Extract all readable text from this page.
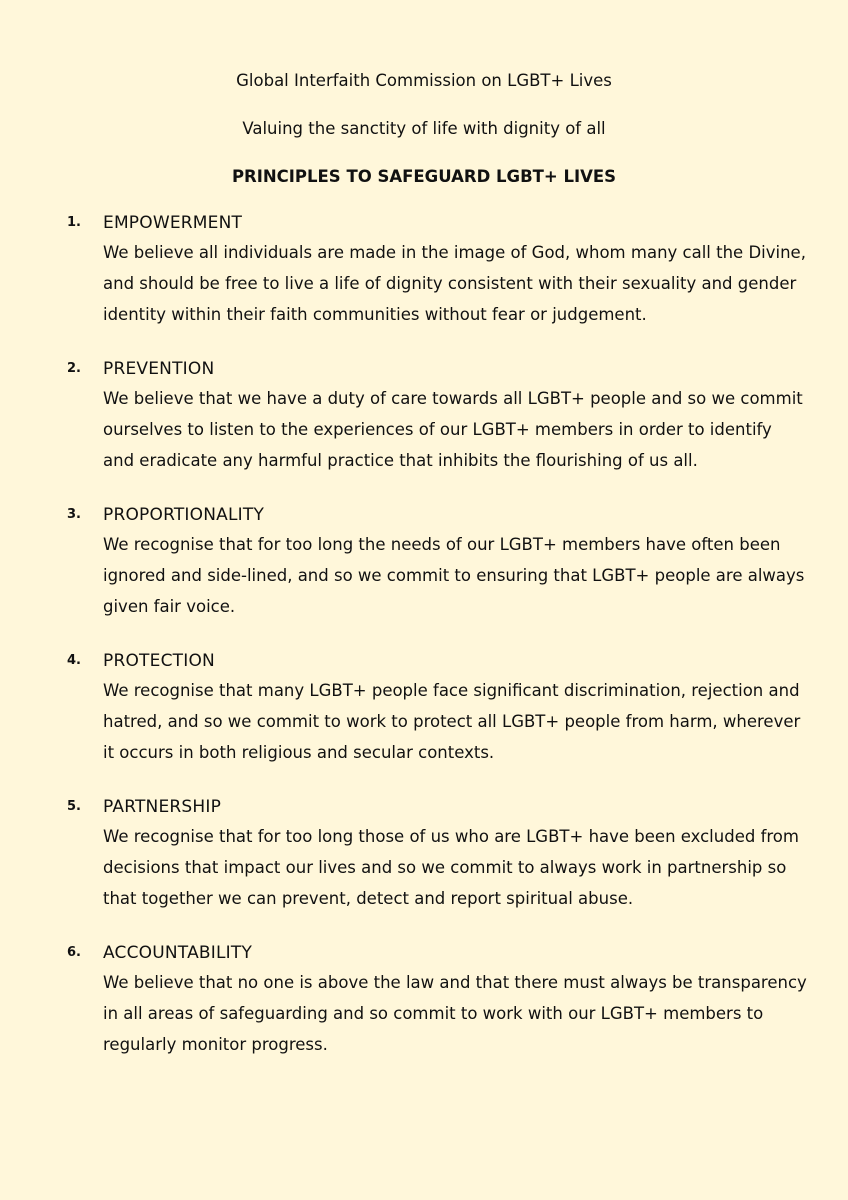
Global Interfaith Commission on LGBT+ Lives

Valuing the sanctity of life with dignity of all

PRINCIPLES TO SAFEGUARD LGBT+ LIVES

1. EMPOWERMENT
We believe all individuals are made in the image of God, whom many call the Divine, and should be free to live a life of dignity consistent with their sexuality and gender identity within their faith communities without fear or judgement.
2. PREVENTION
We believe that we have a duty of care towards all LGBT+ people and so we commit ourselves to listen to the experiences of our LGBT+ members in order to identify and eradicate any harmful practice that inhibits the flourishing of us all.
3. PROPORTIONALITY
We recognise that for too long the needs of our LGBT+ members have often been ignored and side-lined, and so we commit to ensuring that LGBT+ people are always given fair voice.
4. PROTECTION
We recognise that many LGBT+ people face significant discrimination, rejection and hatred, and so we commit to work to protect all LGBT+ people from harm, wherever it occurs in both religious and secular contexts.
5. PARTNERSHIP
We recognise that for too long those of us who are LGBT+ have been excluded from decisions that impact our lives and so we commit to always work in partnership so that together we can prevent, detect and report spiritual abuse.
6. ACCOUNTABILITY
We believe that no one is above the law and that there must always be transparency in all areas of safeguarding and so commit to work with our LGBT+ members to regularly monitor progress.
